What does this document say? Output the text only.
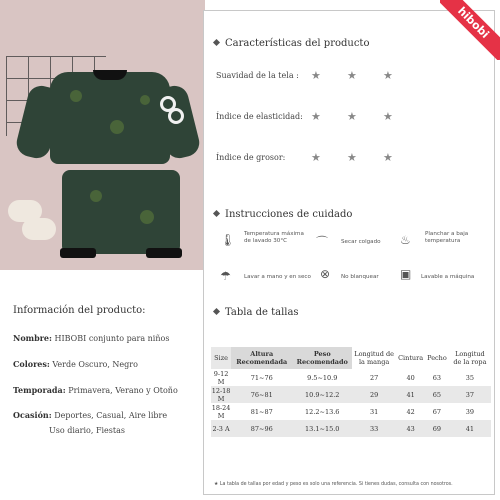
Información del producto:
Nombre: HIBOBI conjunto para niños
Colores: Verde Oscuro, Negro
Temporada: Primavera, Verano y Otoño
Ocasión: Deportes, Casual, Aire libre
Uso diario, Fiestas
Características del producto
Suavidad de la tela : ★ ★ ★
Índice de elasticidad: ★ ★ ★
Índice de grosor: ★ ★ ★
Instrucciones de cuidado
🌡 Temperatura máxima de lavado 30°C	⌒ Secar colgado	♨	Planchar a baja temperatura
☂ Lavar a mano y en seco ⊗ No blanquear	▣ Lavable a máquina
Tabla de tallas
Size	Altura Recomendada	Peso Recomendado	Longitud de la manga	Cintura	Pecho	Longitud de la ropa
9-12 M	71~76	9.5~10.9	27	40	63	35
12-18 M	76~81	10.9~12.2	29	41	65	37
18-24 M	81~87	12.2~13.6	31	42	67	39
2-3 A	87~96	13.1~15.0	33	43	69	41
★ La tabla de tallas por edad y peso es solo una referencia. Si tienes dudas, consulta con nosotros.
hibobi
